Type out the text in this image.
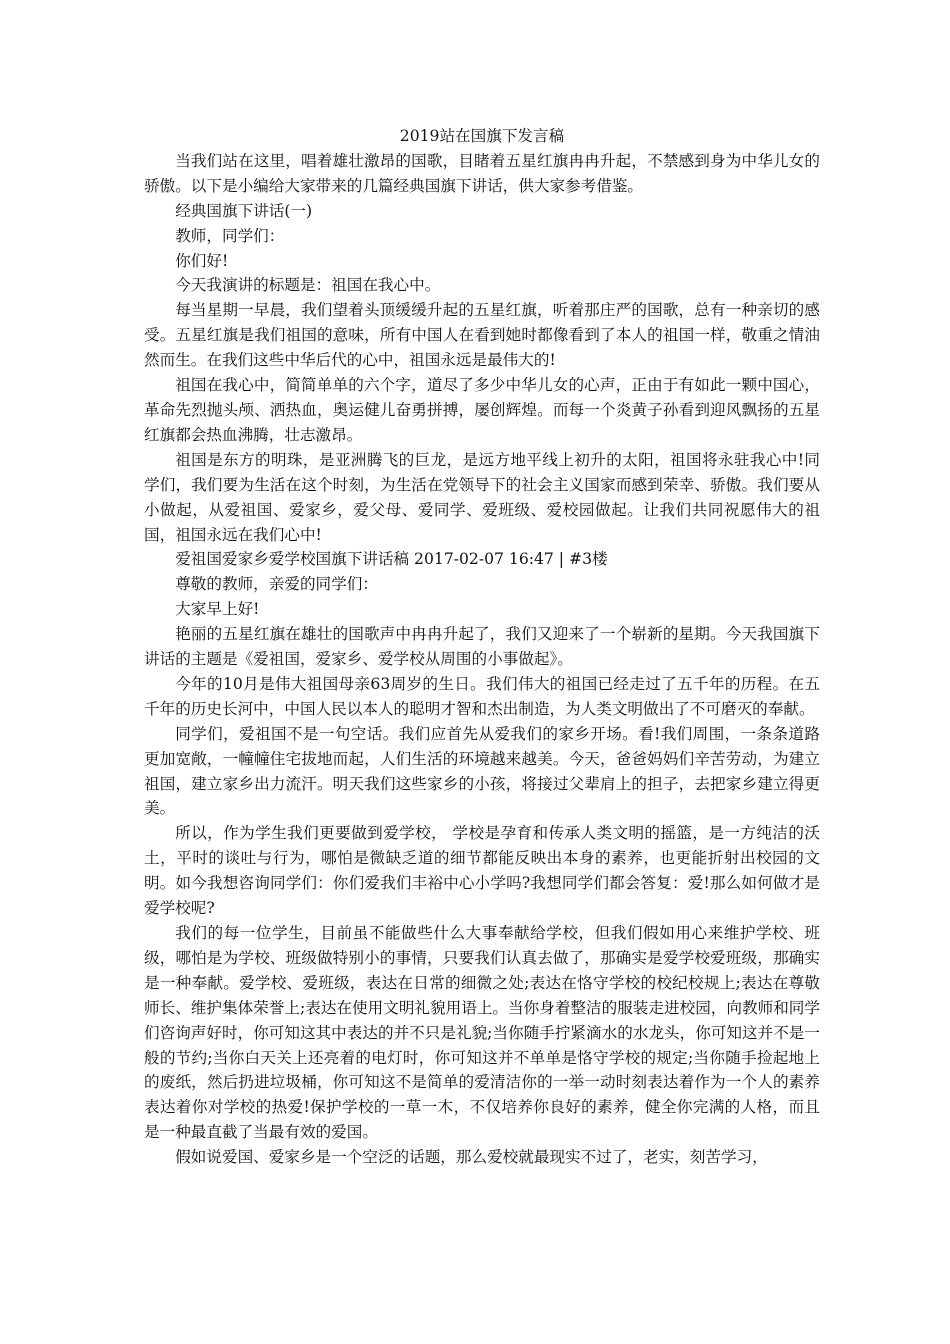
2019站在国旗下发言稿

当我们站在这里，唱着雄壮激昂的国歌，目睹着五星红旗冉冉升起，不禁感到身为中华儿女的骄傲。以下是小编给大家带来的几篇经典国旗下讲话，供大家参考借鉴。

经典国旗下讲话(一)

教师，同学们：

你们好!

今天我演讲的标题是：祖国在我心中。

每当星期一早晨，我们望着头顶缓缓升起的五星红旗，听着那庄严的国歌，总有一种亲切的感受。五星红旗是我们祖国的意味，所有中国人在看到她时都像看到了本人的祖国一样，敬重之情油然而生。在我们这些中华后代的心中，祖国永远是最伟大的!

祖国在我心中，简简单单的六个字，道尽了多少中华儿女的心声，正由于有如此一颗中国心，革命先烈抛头颅、洒热血，奥运健儿奋勇拼搏，屡创辉煌。而每一个炎黄子孙看到迎风飘扬的五星红旗都会热血沸腾，壮志激昂。

祖国是东方的明珠，是亚洲腾飞的巨龙，是远方地平线上初升的太阳，祖国将永驻我心中!同学们，我们要为生活在这个时刻，为生活在党领导下的社会主义国家而感到荣幸、骄傲。我们要从小做起，从爱祖国、爱家乡，爱父母、爱同学、爱班级、爱校园做起。让我们共同祝愿伟大的祖国，祖国永远在我们心中!

爱祖国爱家乡爱学校国旗下讲话稿 2017-02-07 16:47 | #3楼

尊敬的教师，亲爱的同学们：

大家早上好!

艳丽的五星红旗在雄壮的国歌声中冉冉升起了，我们又迎来了一个崭新的星期。今天我国旗下讲话的主题是《爱祖国，爱家乡、爱学校从周围的小事做起》。

今年的10月是伟大祖国母亲63周岁的生日。我们伟大的祖国已经走过了五千年的历程。在五千年的历史长河中，中国人民以本人的聪明才智和杰出制造，为人类文明做出了不可磨灭的奉献。

同学们，爱祖国不是一句空话。我们应首先从爱我们的家乡开场。看!我们周围，一条条道路更加宽敞，一幢幢住宅拔地而起，人们生活的环境越来越美。今天，爸爸妈妈们辛苦劳动，为建立祖国，建立家乡出力流汗。明天我们这些家乡的小孩，将接过父辈肩上的担子，去把家乡建立得更美。

所以，作为学生我们更要做到爱学校， 学校是孕育和传承人类文明的摇篮，是一方纯洁的沃土，平时的谈吐与行为，哪怕是微缺乏道的细节都能反映出本身的素养，也更能折射出校园的文明。如今我想咨询同学们：你们爱我们丰裕中心小学吗?我想同学们都会答复：爱!那么如何做才是爱学校呢?

我们的每一位学生，目前虽不能做些什么大事奉献给学校，但我们假如用心来维护学校、班级，哪怕是为学校、班级做特别小的事情，只要我们认真去做了，那确实是爱学校爱班级，那确实是一种奉献。爱学校、爱班级，表达在日常的细微之处;表达在恪守学校的校纪校规上;表达在尊敬师长、维护集体荣誉上;表达在使用文明礼貌用语上。当你身着整洁的服装走进校园，向教师和同学们咨询声好时，你可知这其中表达的并不只是礼貌;当你随手拧紧滴水的水龙头，你可知这并不是一般的节约;当你白天关上还亮着的电灯时，你可知这并不单单是恪守学校的规定;当你随手捡起地上的废纸，然后扔进垃圾桶，你可知这不是简单的爱清洁你的一举一动时刻表达着作为一个人的素养表达着你对学校的热爱!保护学校的一草一木，不仅培养你良好的素养，健全你完满的人格，而且是一种最直截了当最有效的爱国。

假如说爱国、爱家乡是一个空泛的话题，那么爱校就最现实不过了，老实，刻苦学习，
